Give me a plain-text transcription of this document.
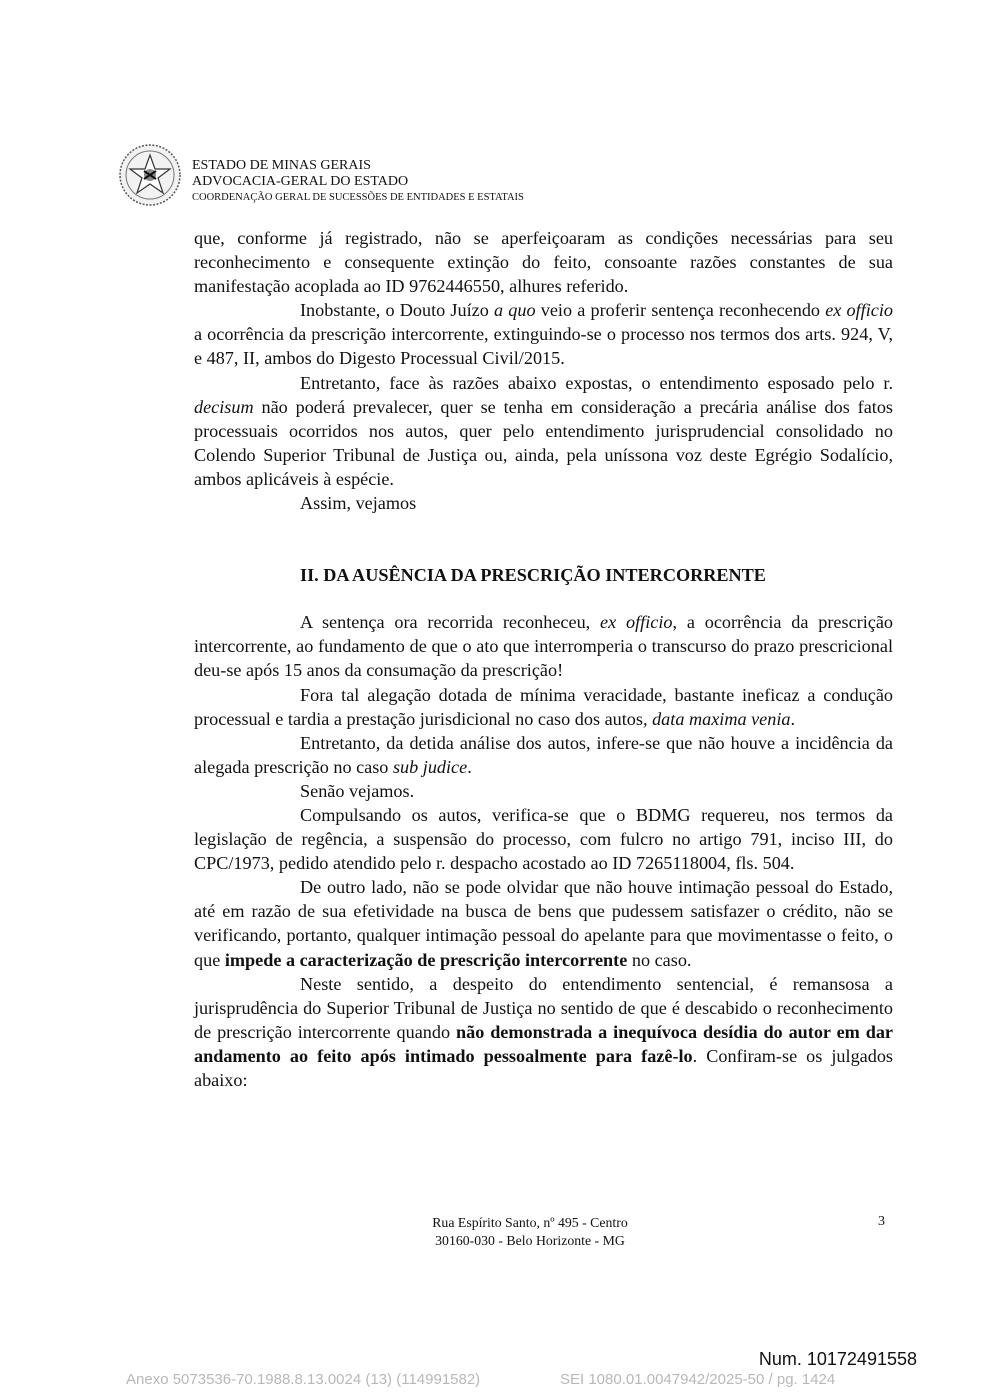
ESTADO DE MINAS GERAIS
ADVOCACIA-GERAL DO ESTADO
COORDENAÇÃO GERAL DE SUCESSÕES DE ENTIDADES E ESTATAIS

que, conforme já registrado, não se aperfeiçoaram as condições necessárias para seu reconhecimento e consequente extinção do feito, consoante razões constantes de sua manifestação acoplada ao ID 9762446550, alhures referido.

Inobstante, o Douto Juízo a quo veio a proferir sentença reconhecendo ex officio a ocorrência da prescrição intercorrente, extinguindo-se o processo nos termos dos arts. 924, V, e 487, II, ambos do Digesto Processual Civil/2015.

Entretanto, face às razões abaixo expostas, o entendimento esposado pelo r. decisum não poderá prevalecer, quer se tenha em consideração a precária análise dos fatos processuais ocorridos nos autos, quer pelo entendimento jurisprudencial consolidado no Colendo Superior Tribunal de Justiça ou, ainda, pela uníssona voz deste Egrégio Sodalício, ambos aplicáveis à espécie.

Assim, vejamos

II. DA AUSÊNCIA DA PRESCRIÇÃO INTERCORRENTE

A sentença ora recorrida reconheceu, ex officio, a ocorrência da prescrição intercorrente, ao fundamento de que o ato que interromperia o transcurso do prazo prescricional deu-se após 15 anos da consumação da prescrição!

Fora tal alegação dotada de mínima veracidade, bastante ineficaz a condução processual e tardia a prestação jurisdicional no caso dos autos, data maxima venia.

Entretanto, da detida análise dos autos, infere-se que não houve a incidência da alegada prescrição no caso sub judice.

Senão vejamos.

Compulsando os autos, verifica-se que o BDMG requereu, nos termos da legislação de regência, a suspensão do processo, com fulcro no artigo 791, inciso III, do CPC/1973, pedido atendido pelo r. despacho acostado ao ID 7265118004, fls. 504.

De outro lado, não se pode olvidar que não houve intimação pessoal do Estado, até em razão de sua efetividade na busca de bens que pudessem satisfazer o crédito, não se verificando, portanto, qualquer intimação pessoal do apelante para que movimentasse o feito, o que impede a caracterização de prescrição intercorrente no caso.

Neste sentido, a despeito do entendimento sentencial, é remansosa a jurisprudência do Superior Tribunal de Justiça no sentido de que é descabido o reconhecimento de prescrição intercorrente quando não demonstrada a inequívoca desídia do autor em dar andamento ao feito após intimado pessoalmente para fazê-lo. Confiram-se os julgados abaixo:

Rua Espírito Santo, nº 495 - Centro
30160-030 - Belo Horizonte - MG
3
Num. 10172491558
Anexo 5073536-70.1988.8.13.0024 (13) (114991582)	SEI 1080.01.0047942/2025-50 / pg. 1424
